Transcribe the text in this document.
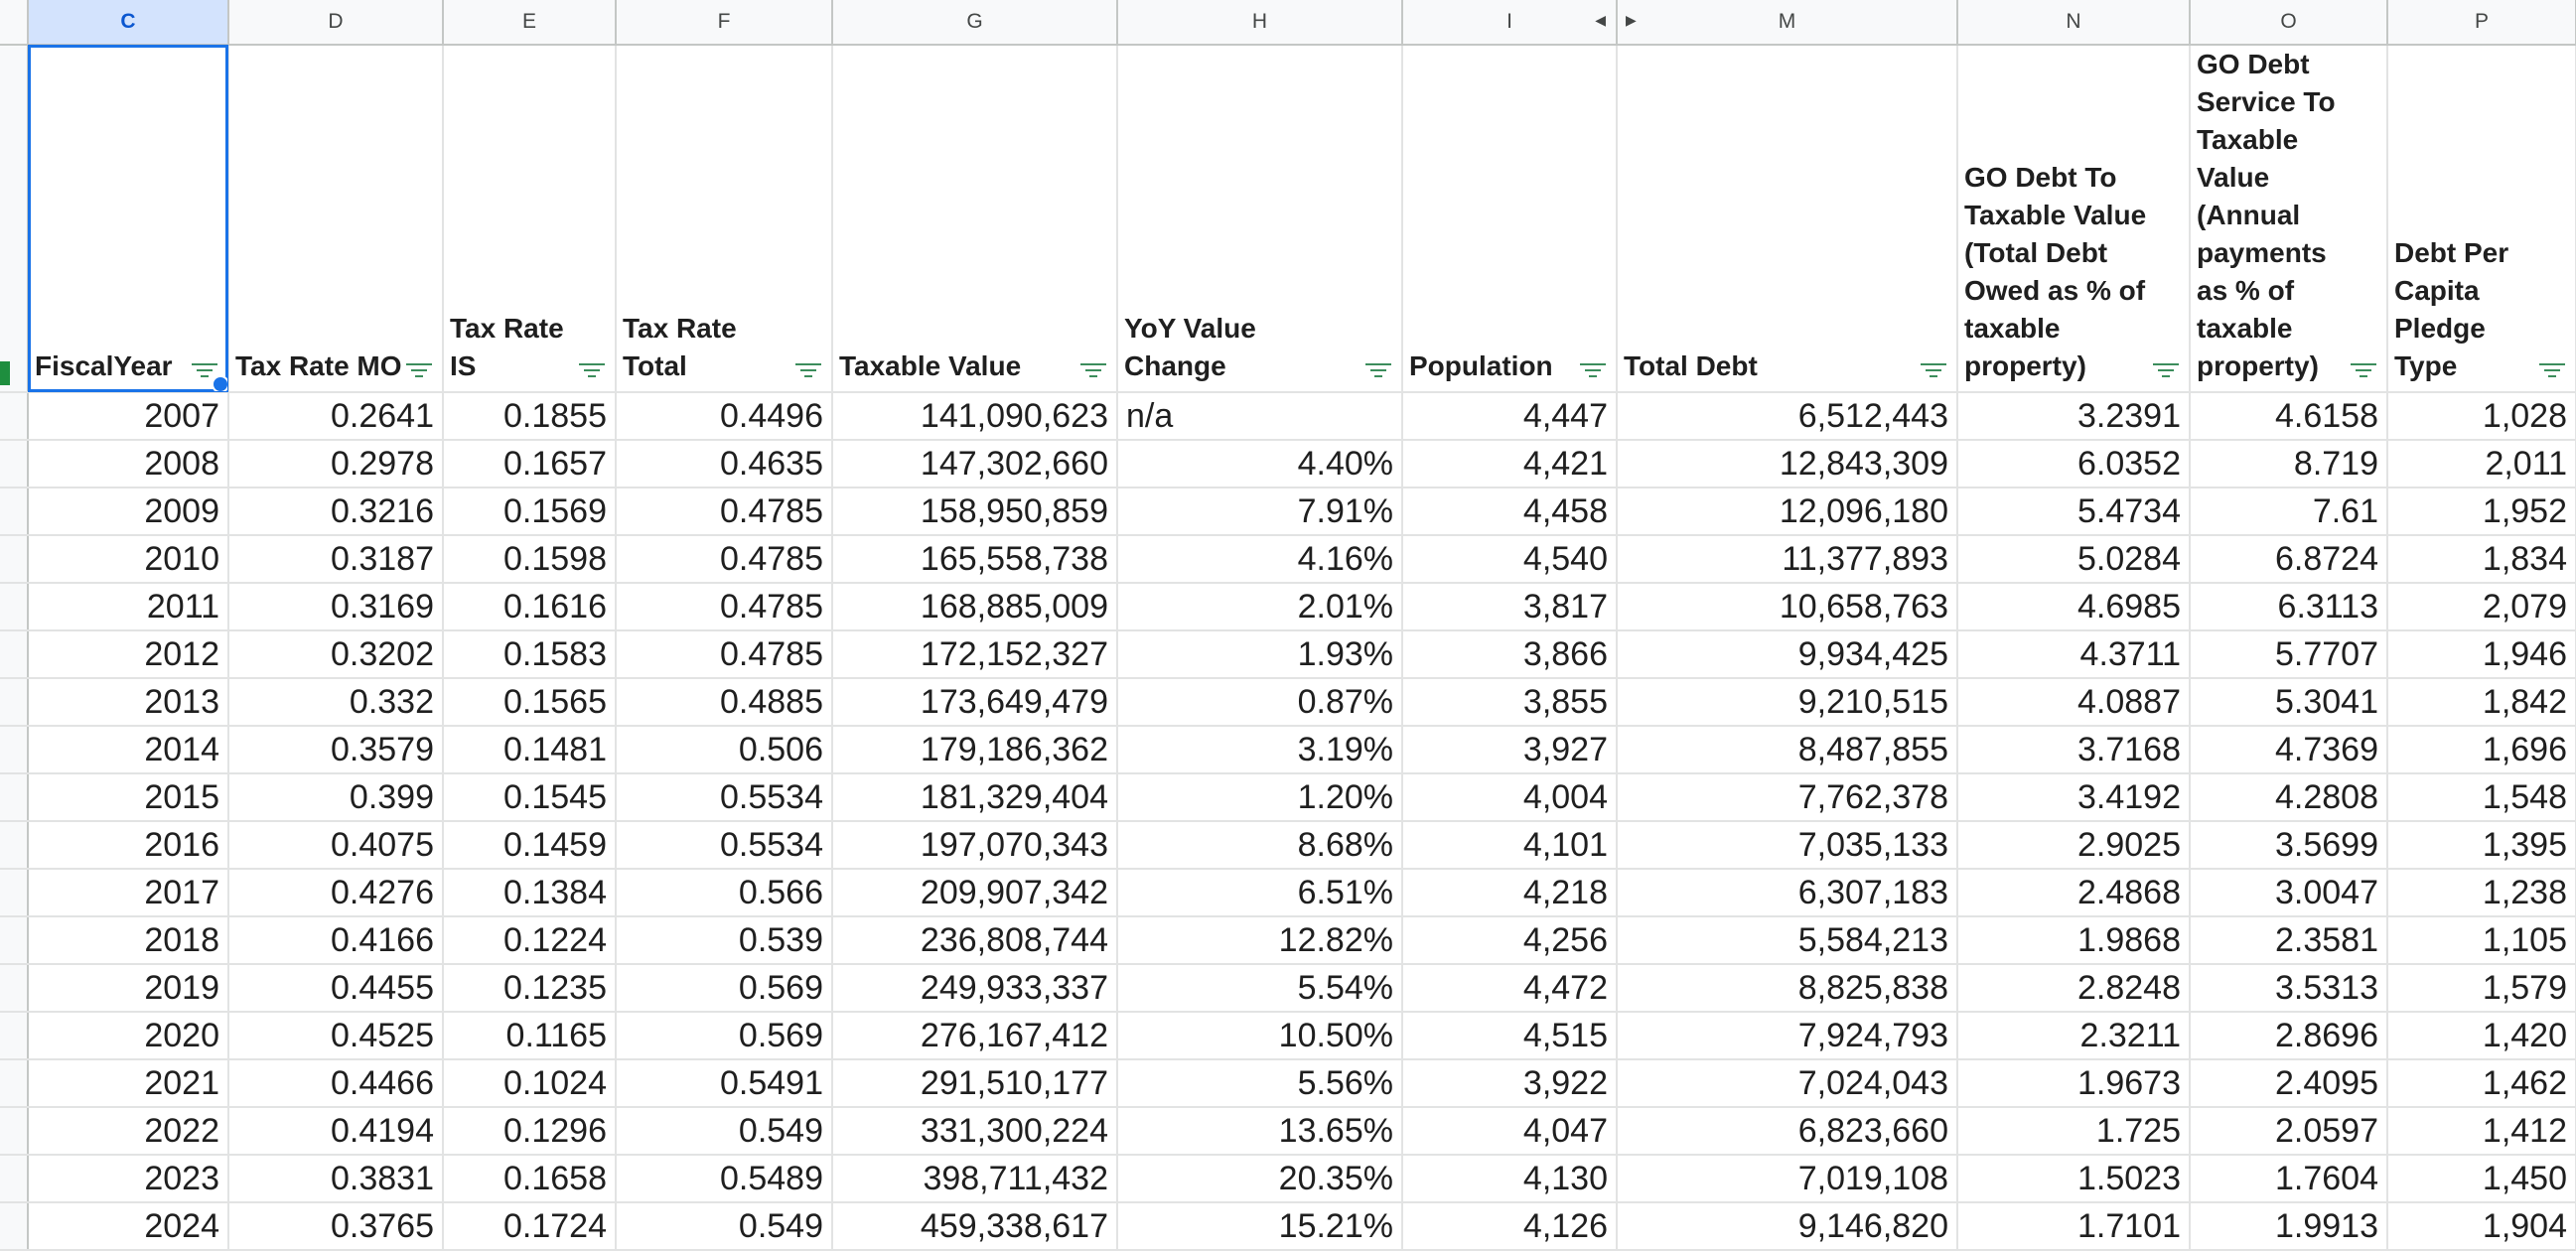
	C	D	E	F	G	H	I ◀	M
▶	N	O	P

	FiscalYear	Tax Rate MO	Tax Rate IS	Tax Rate Total	Taxable Value	YoY Value Change	Population	Total Debt	GO Debt To Taxable Value (Total Debt Owed as % of taxable property)	GO Debt Service To Taxable Value (Annual payments as % of taxable property)	Debt Per Capita Pledge Type

	2007	0.2641	0.1855	0.4496	141,090,623	n/a	4,447	6,512,443	3.2391	4.6158	1,028
	2008	0.2978	0.1657	0.4635	147,302,660	4.40%	4,421	12,843,309	6.0352	8.719	2,011
	2009	0.3216	0.1569	0.4785	158,950,859	7.91%	4,458	12,096,180	5.4734	7.61	1,952
	2010	0.3187	0.1598	0.4785	165,558,738	4.16%	4,540	11,377,893	5.0284	6.8724	1,834
	2011	0.3169	0.1616	0.4785	168,885,009	2.01%	3,817	10,658,763	4.6985	6.3113	2,079
	2012	0.3202	0.1583	0.4785	172,152,327	1.93%	3,866	9,934,425	4.3711	5.7707	1,946
	2013	0.332	0.1565	0.4885	173,649,479	0.87%	3,855	9,210,515	4.0887	5.3041	1,842
	2014	0.3579	0.1481	0.506	179,186,362	3.19%	3,927	8,487,855	3.7168	4.7369	1,696
	2015	0.399	0.1545	0.5534	181,329,404	1.20%	4,004	7,762,378	3.4192	4.2808	1,548
	2016	0.4075	0.1459	0.5534	197,070,343	8.68%	4,101	7,035,133	2.9025	3.5699	1,395
	2017	0.4276	0.1384	0.566	209,907,342	6.51%	4,218	6,307,183	2.4868	3.0047	1,238
	2018	0.4166	0.1224	0.539	236,808,744	12.82%	4,256	5,584,213	1.9868	2.3581	1,105
	2019	0.4455	0.1235	0.569	249,933,337	5.54%	4,472	8,825,838	2.8248	3.5313	1,579
	2020	0.4525	0.1165	0.569	276,167,412	10.50%	4,515	7,924,793	2.3211	2.8696	1,420
	2021	0.4466	0.1024	0.5491	291,510,177	5.56%	3,922	7,024,043	1.9673	2.4095	1,462
	2022	0.4194	0.1296	0.549	331,300,224	13.65%	4,047	6,823,660	1.725	2.0597	1,412
	2023	0.3831	0.1658	0.5489	398,711,432	20.35%	4,130	7,019,108	1.5023	1.7604	1,450
	2024	0.3765	0.1724	0.549	459,338,617	15.21%	4,126	9,146,820	1.7101	1.9913	1,904
